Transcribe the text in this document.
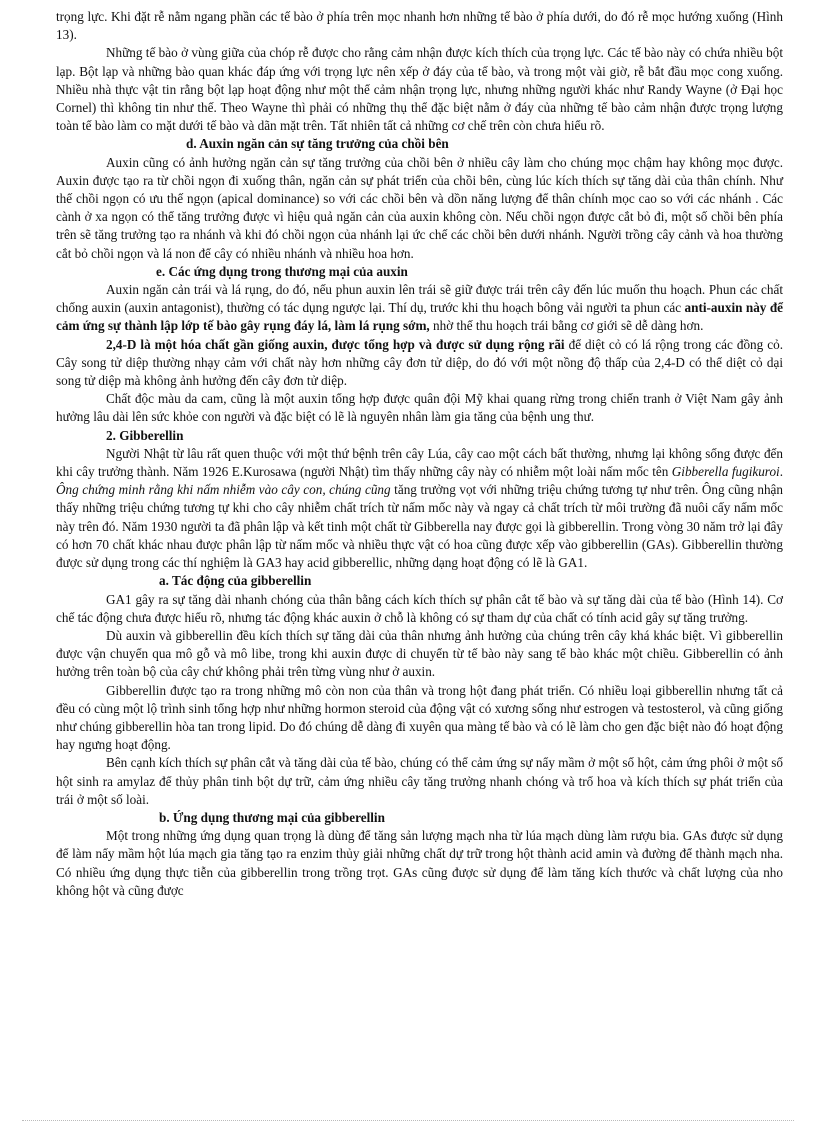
trọng lực. Khi đặt rễ nằm ngang phần các tế bào ở phía trên mọc nhanh hơn những tế bào ở phía dưới, do đó rễ mọc hướng xuống (Hình 13).

Những tế bào ở vùng giữa của chóp rễ được cho rằng cảm nhận được kích thích của trọng lực. Các tế bào này có chứa nhiều bột lạp. Bột lạp và những bào quan khác đáp ứng với trọng lực nên xếp ở đáy của tế bào, và trong một vài giờ, rễ bắt đầu mọc cong xuống. Nhiều nhà thực vật tin rằng bột lạp hoạt động như một thể cảm nhận trọng lực, nhưng những người khác như Randy Wayne (ở Đại học Cornel) thì không tin như thế. Theo Wayne thì phải có những thụ thể đặc biệt nằm ở đáy của những tế bào cảm nhận được trọng lượng toàn tế bào làm co mặt dưới tế bào và dãn mặt trên. Tất nhiên tất cả những cơ chế trên còn chưa hiểu rõ.

d. Auxin ngăn cản sự tăng trưởng của chồi bên

Auxin cũng có ảnh hưởng ngăn cản sự tăng trưởng của chồi bên ở nhiều cây làm cho chúng mọc chậm hay không mọc được. Auxin được tạo ra từ chồi ngọn đi xuống thân, ngăn cản sự phát triển của chồi bên, cùng lúc kích thích sự tăng dài của thân chính. Như thế chồi ngọn có ưu thế ngọn (apical dominance) so với các chồi bên và dồn năng lượng để thân chính mọc cao so với các nhánh . Các cành ở xa ngọn có thể tăng trưởng được vì hiệu quả ngăn cản của auxin không còn. Nếu chồi ngọn được cắt bỏ đi, một số chồi bên phía trên sẽ tăng trưởng tạo ra nhánh và khi đó chồi ngọn của nhánh lại ức chế các chồi bên dưới nhánh. Người trồng cây cảnh và hoa thường cắt bỏ chồi ngọn và lá non để cây có nhiều nhánh và nhiều hoa hơn.

e. Các ứng dụng trong thương mại của auxin

Auxin ngăn cản trái và lá rụng, do đó, nếu phun auxin lên trái sẽ giữ được trái trên cây đến lúc muốn thu hoạch. Phun các chất chống auxin (auxin antagonist), thường có tác dụng ngược lại. Thí dụ, trước khi thu hoạch bông vải người ta phun các anti-auxin này để cảm ứng sự thành lập lớp tế bào gây rụng đáy lá, làm lá rụng sớm, nhờ thế thu hoạch trái bằng cơ giới sẽ dễ dàng hơn.

2,4-D là một hóa chất gần giống auxin, được tổng hợp và được sử dụng rộng rãi để diệt cỏ có lá rộng trong các đồng cỏ. Cây song tử diệp thường nhạy cảm với chất này hơn những cây đơn tử diệp, do đó với một nồng độ thấp của 2,4-D có thể diệt cỏ dại song tử diệp mà không ảnh hưởng đến cây đơn tử diệp.

Chất độc màu da cam, cũng là một auxin tổng hợp được quân đội Mỹ khai quang rừng trong chiến tranh ở Việt Nam gây ảnh hưởng lâu dài lên sức khỏe con người và đặc biệt có lẽ là nguyên nhân làm gia tăng của bệnh ung thư.

2. Gibberellin

Người Nhật từ lâu rất quen thuộc với một thứ bệnh trên cây Lúa, cây cao một cách bất thường, nhưng lại không sống được đến khi cây trưởng thành. Năm 1926 E.Kurosawa (người Nhật) tìm thấy những cây này có nhiễm một loài nấm mốc tên Gibberella fugikuroi. Ông chứng minh rằng khi nấm nhiễm vào cây con, chúng cũng tăng trưởng vọt với những triệu chứng tương tự như trên. Ông cũng nhận thấy những triệu chứng tương tự khi cho cây nhiễm chất trích từ nấm mốc này và ngay cả chất trích từ môi trường đã nuôi cấy nấm mốc này trên đó. Năm 1930 người ta đã phân lập và kết tinh một chất từ Gibberella nay được gọi là gibberellin. Trong vòng 30 năm trở lại đây có hơn 70 chất khác nhau được phân lập từ nấm mốc và nhiều thực vật có hoa cũng được xếp vào gibberellin (GAs). Gibberellin thường được sử dụng trong các thí nghiệm là GA3 hay acid gibberellic, những dạng hoạt động có lẽ là GA1.

a. Tác động của gibberellin

GA1 gây ra sự tăng dài nhanh chóng của thân bằng cách kích thích sự phân cắt tế bào và sự tăng dài của tế bào (Hình 14). Cơ chế tác động chưa được hiểu rõ, nhưng tác động khác auxin ở chỗ là không có sự tham dự của chất có tính acid gây sự tăng trưởng.

Dù auxin và gibberellin đều kích thích sự tăng dài của thân nhưng ảnh hưởng của chúng trên cây khá khác biệt. Vì gibberellin được vận chuyển qua mô gỗ và mô libe, trong khi auxin được di chuyển từ tế bào này sang tế bào khác một chiều. Gibberellin có ảnh hưởng trên toàn bộ của cây chứ không phải trên từng vùng như ở auxin.

Gibberellin được tạo ra trong những mô còn non của thân và trong hột đang phát triển. Có nhiều loại gibberellin nhưng tất cả đều có cùng một lộ trình sinh tổng hợp như những hormon steroid của động vật có xương sống như estrogen và testosterol, và cũng giống như chúng gibberellin hòa tan trong lipid. Do đó chúng dễ dàng đi xuyên qua màng tế bào và có lẽ làm cho gen đặc biệt nào đó hoạt động hay ngưng hoạt động.

Bên cạnh kích thích sự phân cắt và tăng dài của tế bào, chúng có thể cảm ứng sự nẩy mầm ở một số hột, cảm ứng phôi ở một số hột sinh ra amylaz để thủy phân tinh bột dự trữ, cảm ứng nhiều cây tăng trưởng nhanh chóng và trổ hoa và kích thích sự phát triển của trái ở một số loài.

b. Ứng dụng thương mại của gibberellin

Một trong những ứng dụng quan trọng là dùng để tăng sản lượng mạch nha từ lúa mạch dùng làm rượu bia. GAs được sử dụng để làm nẩy mầm hột lúa mạch gia tăng tạo ra enzim thủy giải những chất dự trữ trong hột thành acid amin và đường để thành mạch nha. Có nhiều ứng dụng thực tiễn của gibberellin trong trồng trọt. GAs cũng được sử dụng để làm tăng kích thước và chất lượng của nho không hột và cũng được
